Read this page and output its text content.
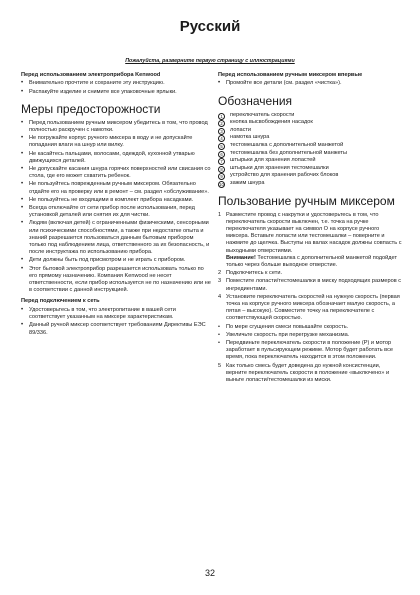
Русский
Пожалуйста, разверните первую страницу с иллюстрациями
Перед использованием электроприбора Kenwood
• Внимательно прочтите и сохраните эту инструкцию.
• Распакуйте изделие и снимите все упаковочные ярлыки.
Меры предосторожности
• Перед пользованием ручным миксером убедитесь в том, что провод полностью раскручен с намотки.
• Не погружайте корпус ручного миксера в воду и не допускайте попадания влаги на шнур или вилку.
• Не касайтесь пальцами, волосами, одеждой, кухонной утварью движущихся деталей.
• Не допускайте касания шнура горячих поверхностей или свисания со стола, где его может схватить ребенок.
• Не пользуйтесь поврежденным ручным миксером. Обязательно отдайте его на проверку или в ремонт – см. раздел «обслуживание».
• Не пользуйтесь не входящими в комплект прибора насадками.
• Всегда отключайте от сети прибор после использования, перед установкой деталей или снятия их для чистки.
• Людям (включая детей) с ограниченными физическими, сенсорными или психическими способностями, а также при недостатке опыта и знаний разрешается пользоваться данным бытовым прибором только под наблюдением лица, ответственного за их безопасность, и после инструктажа по использованию прибора.
• Дети должны быть под присмотром и не играть с прибором.
• Этот бытовой электроприбор разрешается использовать только по его прямому назначению. Компания Kenwood не несет ответственности, если прибор используется не по назначению или не в соответствии с данной инструкцией.
Перед подключением к сеть
• Удостоверьтесь в том, что электропитание в вашей сети соответствует указанным на миксере характеристикам.
• Данный ручной миксер соответствует требованиям Директивы ЕЭС 89/336.
Перед использованием ручным миксером впервые
• Промойте все детали (см. раздел «чистка»).
Обозначения
1	переключатель скорости
2	кнопка высвобождения насадок
3	лопасти
4	намотка шнура
5	тестомешалка с дополнительной манжетой
6	тестомешалка без дополнительной манжеты
7	штырьки для хранения лопастей
8	штырьки для хранения тестомешалки
9	устройство для хранения рабочих блоков
10 зажим шнура
Пользование ручным миксером
1 Разместите провод с накрутки и удостоверьтесь в том, что переключатель скорости выключен, т.е. точка на ручке переключателя указывает на символ O на корпусе ручного миксера. Вставьте лопасти или тестомешалки – поверните и нажмите до щелчка. Выступы на валах насадок должны совпасть с выходными отверстиями.
Внимание! Тестомешалка с дополнительной манжетой подойдет только через больше выходное отверстие.
2 Подключитесь к сети.
3 Поместите лопасти/тестомешалки в миску подходящих размеров с ингредиентами.
4 Установите переключатель скоростей на нужную скорость (первая точка на корпусе ручного миксера обозначает малую скорость, а пятая – высокую). Совместите точку на переключателе с соответствующей скоростью.
• По мере сгущения смеси повышайте скорость.
• Увеличьте скорость при перегрузке механизма.
• Передвиньте переключатель скорости в положение (P) и мотор заработает в пульсирующем режиме. Мотор будет работать все время, пока переключатель находится в этом положении.
5 Как только смесь будет доведена до нужной консистенции, верните переключатель скорости в положение «выключено» и выньте лопасти/тестомешалки из миски.
32
